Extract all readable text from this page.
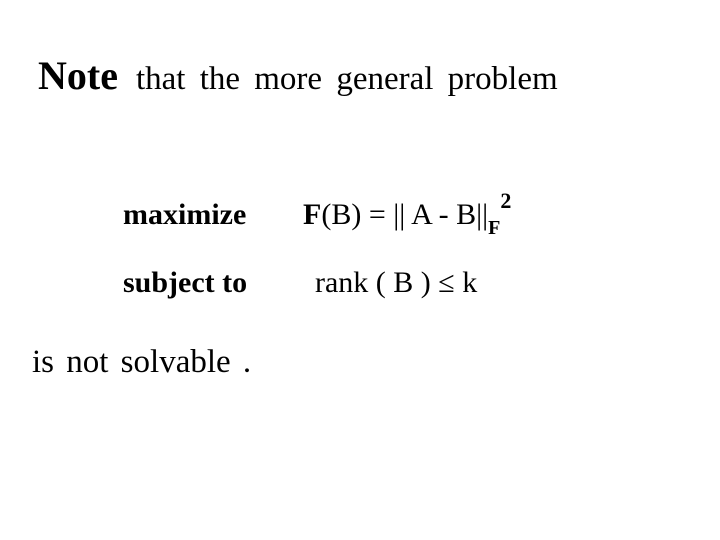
Note that the more general problem

maximize F(B) = || A - $B||_F^2$

subject to rank ( B ) ≤ k

is not solvable .
